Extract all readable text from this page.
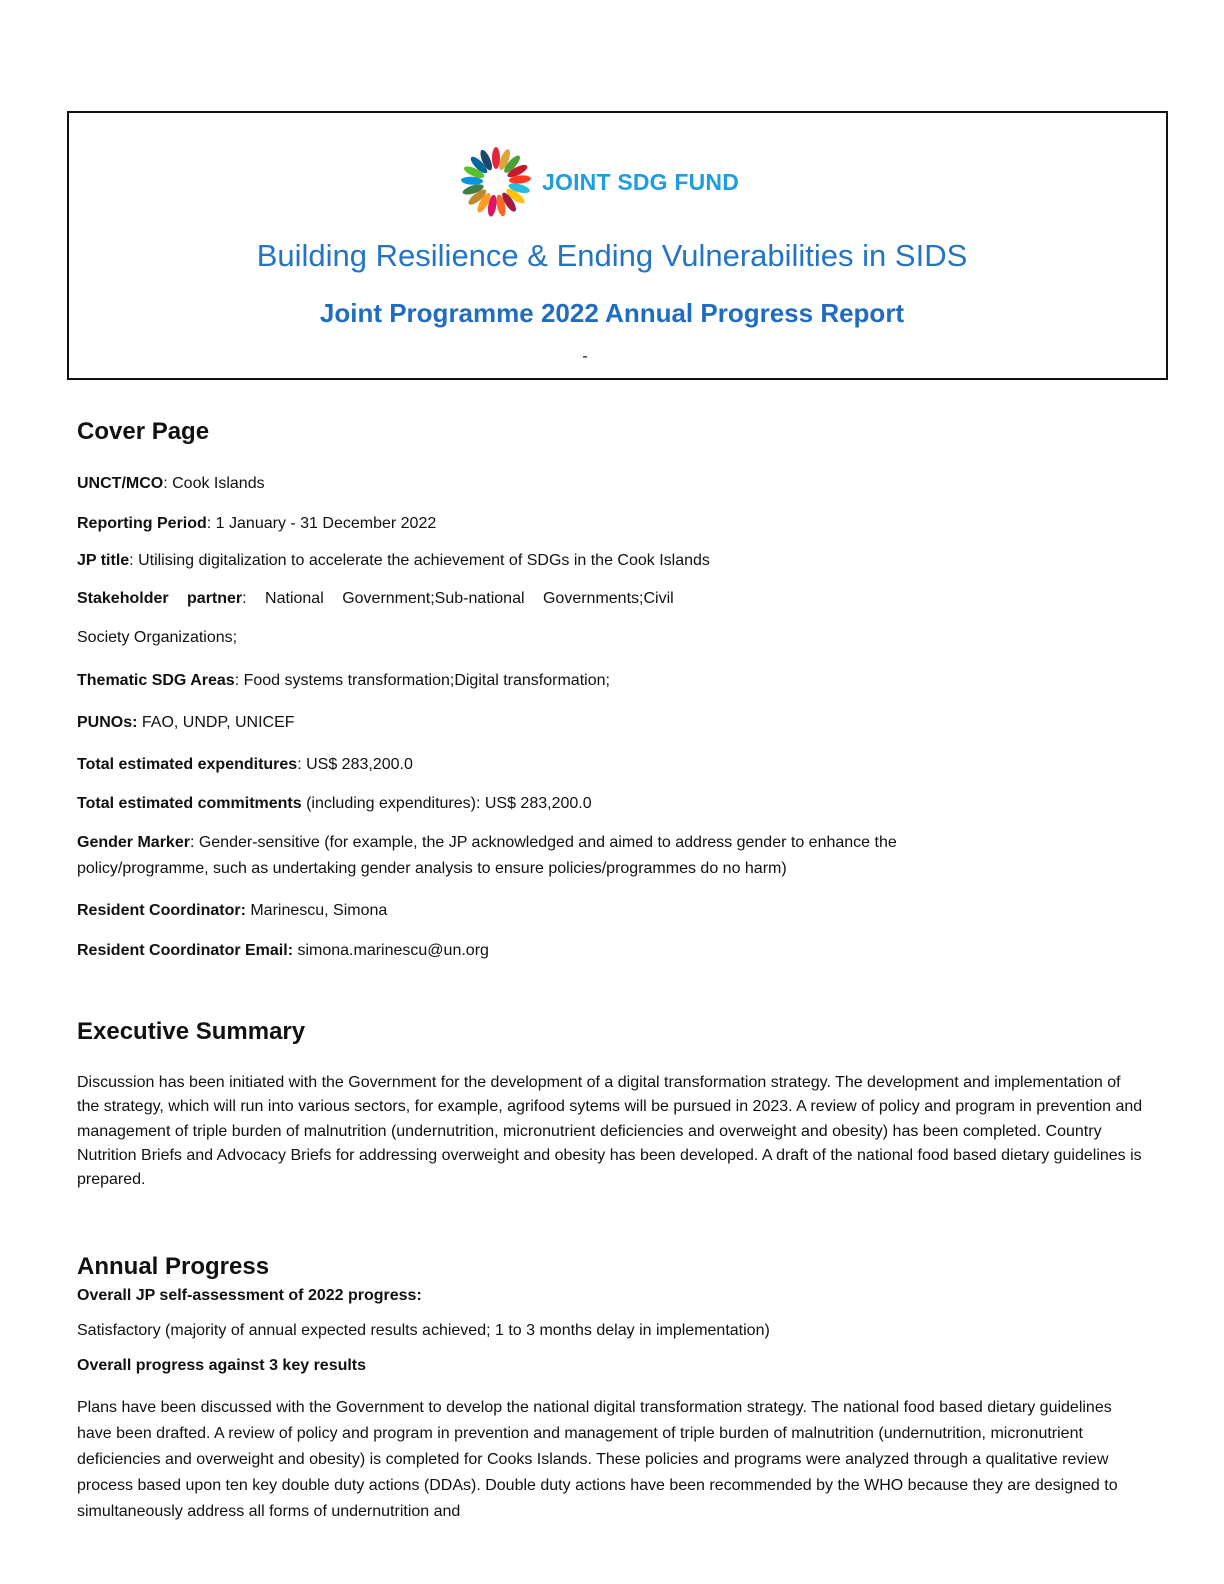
JOINT SDG FUND
Building Resilience & Ending Vulnerabilities in SIDS
Joint Programme 2022 Annual Progress Report
-
Cover Page
UNCT/MCO: Cook Islands
Reporting Period: 1 January - 31 December 2022
JP title: Utilising digitalization to accelerate the achievement of SDGs in the Cook Islands
Stakeholder partner: National Government;Sub-national Governments;Civil
Society Organizations;
Thematic SDG Areas: Food systems transformation;Digital transformation;
PUNOs: FAO, UNDP, UNICEF
Total estimated expenditures: US$ 283,200.0
Total estimated commitments (including expenditures): US$ 283,200.0
Gender Marker: Gender-sensitive (for example, the JP acknowledged and aimed to address gender to enhance the
policy/programme, such as undertaking gender analysis to ensure policies/programmes do no harm)
Resident Coordinator: Marinescu, Simona
Resident Coordinator Email: simona.marinescu@un.org
Executive Summary
Discussion has been initiated with the Government for the development of a digital transformation strategy. The development and implementation of the strategy, which will run into various sectors, for example, agrifood sytems will be pursued in 2023. A review of policy and program in prevention and management of triple burden of malnutrition (undernutrition, micronutrient deficiencies and overweight and obesity) has been completed. Country Nutrition Briefs and Advocacy Briefs for addressing overweight and obesity has been developed. A draft of the national food based dietary guidelines is prepared.
Annual Progress
Overall JP self-assessment of 2022 progress:
Satisfactory (majority of annual expected results achieved; 1 to 3 months delay in implementation)
Overall progress against 3 key results
Plans have been discussed with the Government to develop the national digital transformation strategy. The national food based dietary guidelines have been drafted. A review of policy and program in prevention and management of triple burden of malnutrition (undernutrition, micronutrient deficiencies and overweight and obesity) is completed for Cooks Islands. These policies and programs were analyzed through a qualitative review process based upon ten key double duty actions (DDAs). Double duty actions have been recommended by the WHO because they are designed to simultaneously address all forms of undernutrition and
